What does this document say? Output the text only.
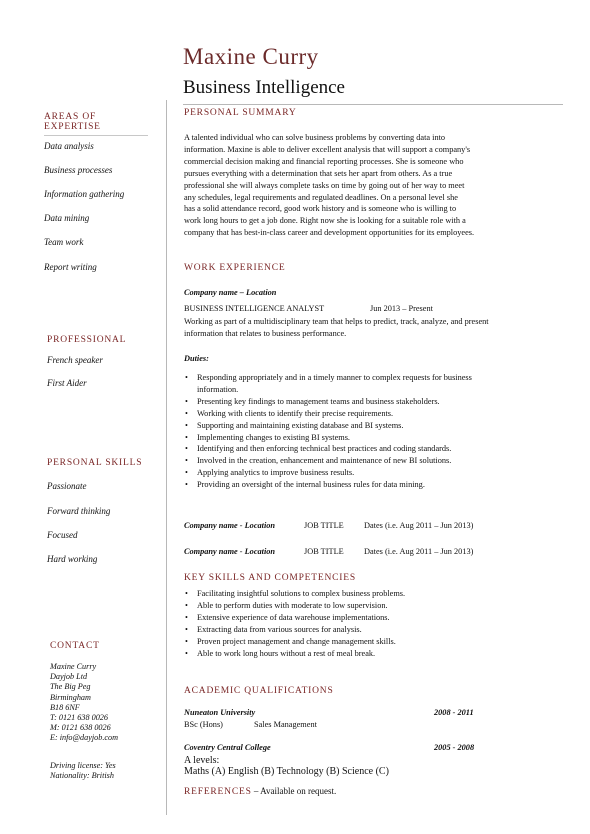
Maxine Curry
Business Intelligence
AREAS OF EXPERTISE
Data analysis
Business processes
Information gathering
Data mining
Team work
Report writing
PROFESSIONAL
French speaker
First Aider
PERSONAL SKILLS
Passionate
Forward thinking
Focused
Hard working
CONTACT
Maxine Curry
Dayjob Ltd
The Big Peg
Birmingham
B18 6NF
T: 0121 638 0026
M: 0121 638 0026
E: info@dayjob.com
Driving license: Yes
Nationality: British
PERSONAL SUMMARY
A talented individual who can solve business problems by converting data into
information. Maxine is able to deliver excellent analysis that will support a company's
commercial decision making and financial reporting processes. She is someone who
pursues everything with a determination that sets her apart from others. As a true
professional she will always complete tasks on time by going out of her way to meet
any schedules, legal requirements and regulated deadlines. On a personal level she
has a solid attendance record, good work history and is someone who is willing to
work long hours to get a job done. Right now she is looking for a suitable role with a
company that has best-in-class career and development opportunities for its employees.
WORK EXPERIENCE
Company name – Location
BUSINESS INTELLIGENCE ANALYST	Jun 2013 – Present
Working as part of a multidisciplinary team that helps to predict, track, analyze, and present
information that relates to business performance.
Duties:
• Responding appropriately and in a timely manner to complex requests for business
information.
• Presenting key findings to management teams and business stakeholders.
• Working with clients to identify their precise requirements.
• Supporting and maintaining existing database and BI systems.
• Implementing changes to existing BI systems.
• Identifying and then enforcing technical best practices and coding standards.
• Involved in the creation, enhancement and maintenance of new BI solutions.
• Applying analytics to improve business results.
• Providing an oversight of the internal business rules for data mining.
Company name - Location	JOB TITLE Dates (i.e. Aug 2011 – Jun 2013)
Company name - Location	JOB TITLE Dates (i.e. Aug 2011 – Jun 2013)
KEY SKILLS AND COMPETENCIES
• Facilitating insightful solutions to complex business problems.
• Able to perform duties with moderate to low supervision.
• Extensive experience of data warehouse implementations.
• Extracting data from various sources for analysis.
• Proven project management and change management skills.
• Able to work long hours without a rest of meal break.
ACADEMIC QUALIFICATIONS
Nuneaton University	2008 - 2011
BSc (Hons)	Sales Management
Coventry Central College	2005 - 2008
A levels:
Maths (A) English (B) Technology (B) Science (C)
REFERENCES – Available on request.
